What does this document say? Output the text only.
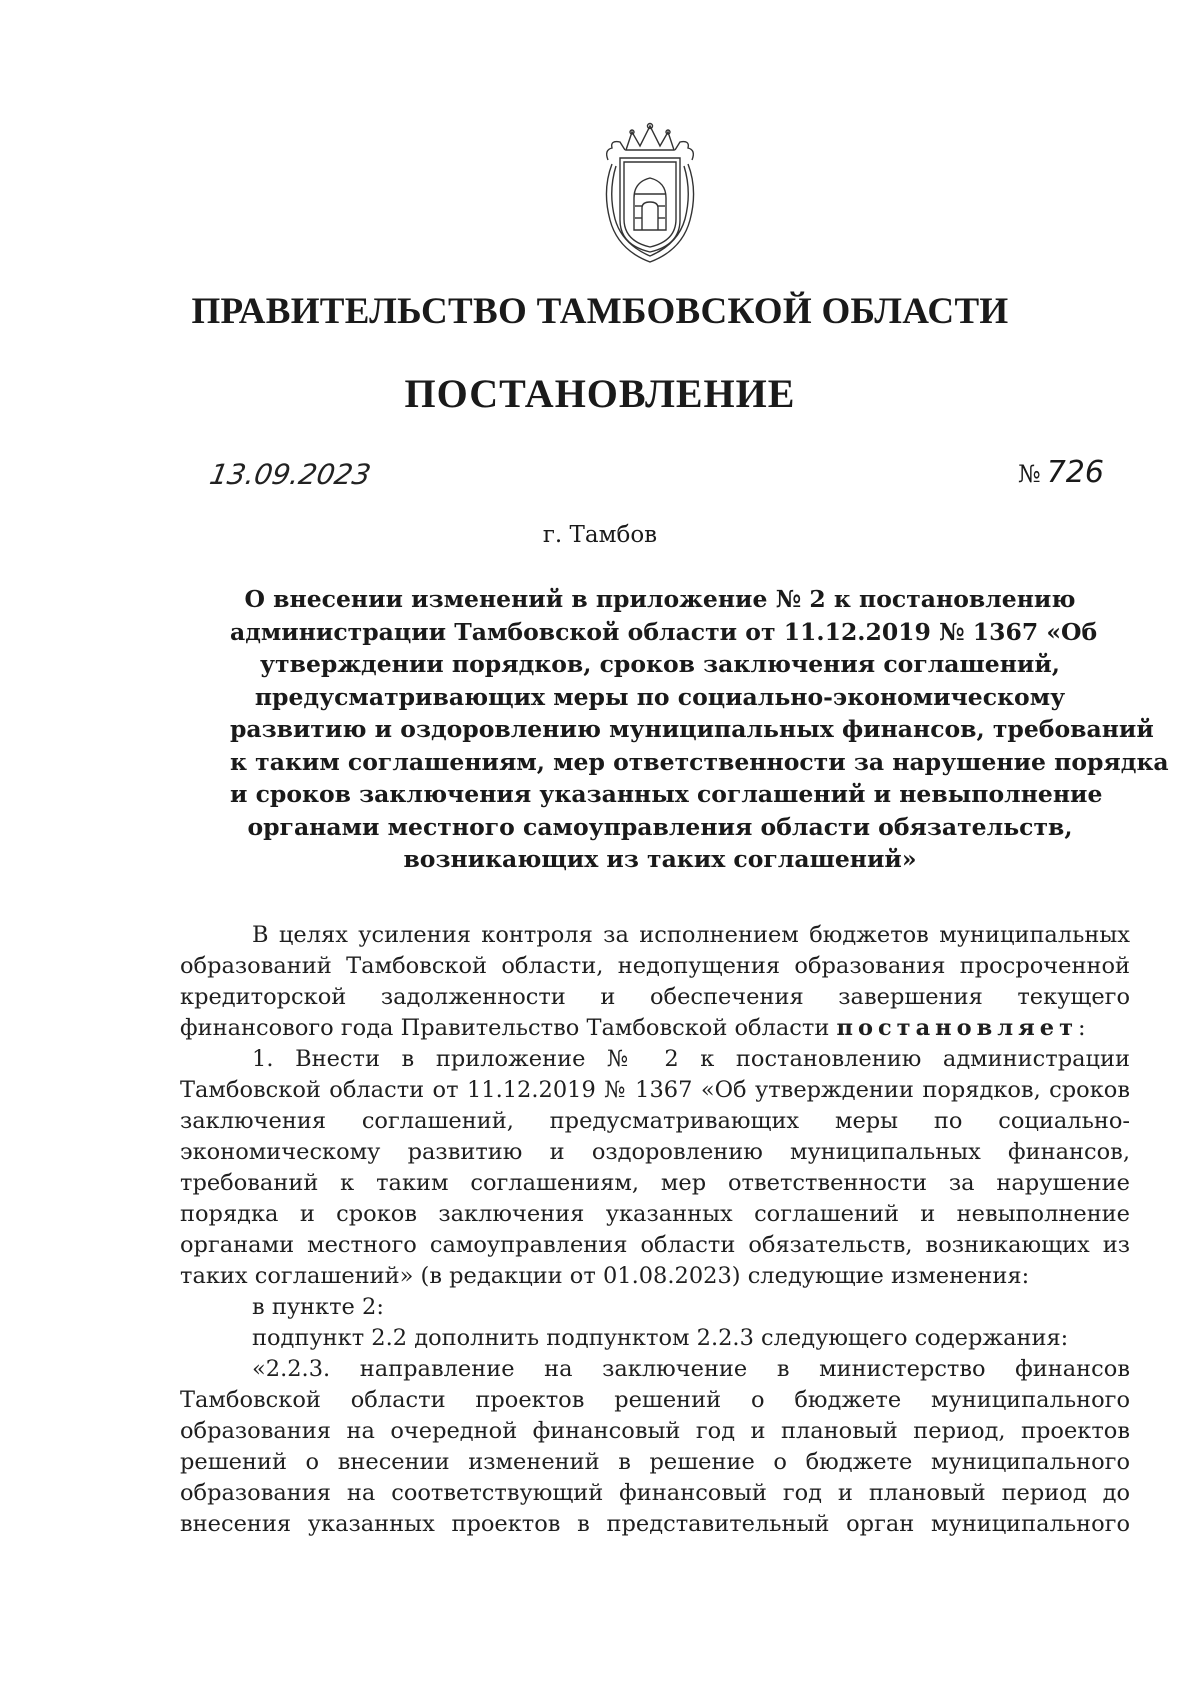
ПРАВИТЕЛЬСТВО ТАМБОВСКОЙ ОБЛАСТИ
ПОСТАНОВЛЕНИЕ
13.09.2023	№ 726
г. Тамбов
О внесении изменений в приложение № 2 к постановлению
администрации Тамбовской области от 11.12.2019 № 1367 «Об
утверждении порядков, сроков заключения соглашений,
предусматривающих меры по социально-экономическому
развитию и оздоровлению муниципальных финансов, требований
к таким соглашениям, мер ответственности за нарушение порядка
и сроков заключения указанных соглашений и невыполнение
органами местного самоуправления области обязательств,
возникающих из таких соглашений»
В целях усиления контроля за исполнением бюджетов муниципальных
образований Тамбовской области, недопущения образования просроченной
кредиторской задолженности и обеспечения завершения текущего
финансового года Правительство Тамбовской области постановляет:
1. Внести в приложение № 2 к постановлению администрации
Тамбовской области от 11.12.2019 № 1367 «Об утверждении порядков, сроков
заключения соглашений, предусматривающих меры по социально-
экономическому развитию и оздоровлению муниципальных финансов,
требований к таким соглашениям, мер ответственности за нарушение
порядка и сроков заключения указанных соглашений и невыполнение
органами местного самоуправления области обязательств, возникающих из
таких соглашений» (в редакции от 01.08.2023) следующие изменения:
в пункте 2:
подпункт 2.2 дополнить подпунктом 2.2.3 следующего содержания:
«2.2.3. направление на заключение в министерство финансов
Тамбовской области проектов решений о бюджете муниципального
образования на очередной финансовый год и плановый период, проектов
решений о внесении изменений в решение о бюджете муниципального
образования на соответствующий финансовый год и плановый период до
внесения указанных проектов в представительный орган муниципального
